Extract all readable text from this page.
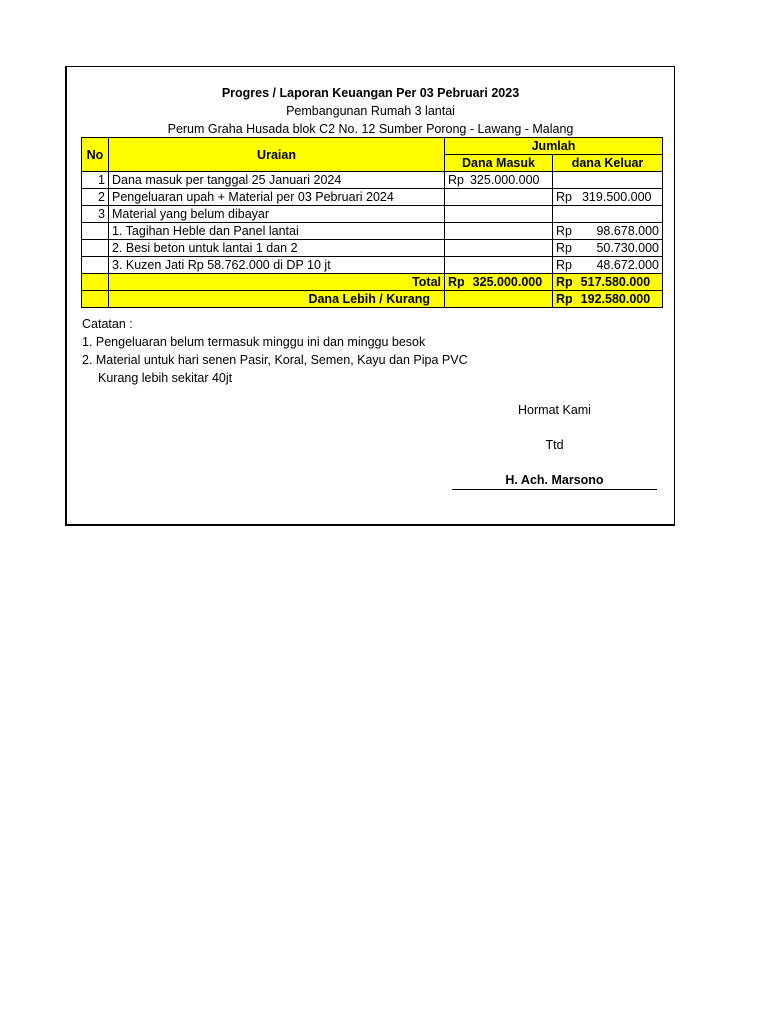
Progres / Laporan Keuangan Per 03 Pebruari 2023
Pembangunan Rumah 3 lantai
Perum Graha Husada blok C2 No. 12 Sumber Porong - Lawang - Malang
No	Uraian	Jumlah	
		Dana Masuk	dana Keluar
1	Dana masuk per tanggal 25 Januari 2024	Rp 325.000.000	

2	Pengeluaran upah + Material per 03 Pebruari 2024		Rp 319.500.000

3	Material yang belum dibayar	

	1. Tagihan Heble dan Panel lantai		Rp 98.678.000

	2. Besi beton untuk lantai 1 dan 2		Rp 50.730.000

	3. Kuzen Jati Rp 58.762.000 di DP 10 jt		Rp 48.672.000

	Total	Rp 325.000.000	Rp 517.580.000

	Dana Lebih / Kurang		Rp 192.580.000
Catatan :
1. Pengeluaran belum termasuk minggu ini dan minggu besok
2. Material untuk hari senen Pasir, Koral, Semen, Kayu dan Pipa PVC
Kurang lebih sekitar 40jt
Hormat Kami
Ttd
H. Ach. Marsono
